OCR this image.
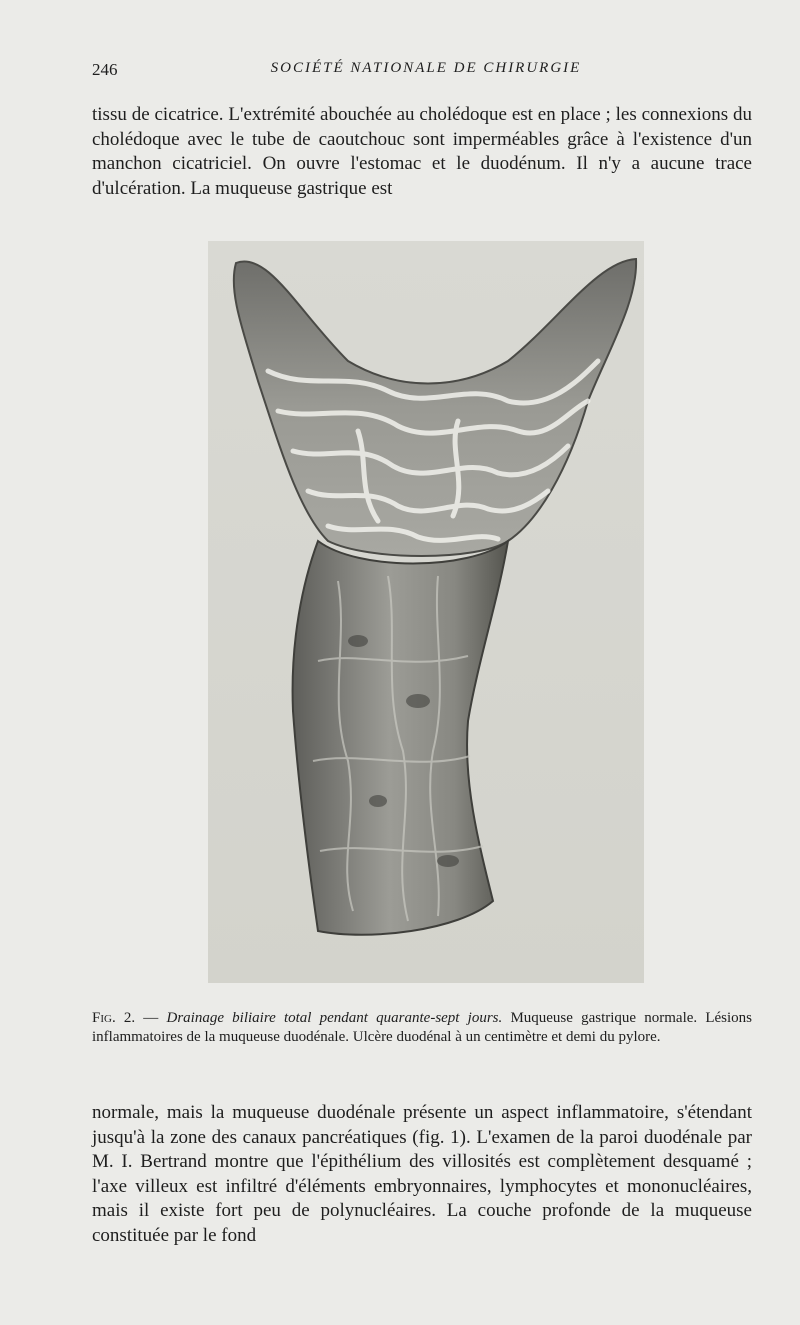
246	SOCIÉTÉ NATIONALE DE CHIRURGIE

tissu de cicatrice. L'extrémité abouchée au cholédoque est en place ; les connexions du cholédoque avec le tube de caoutchouc sont imperméables grâce à l'existence d'un manchon cicatriciel. On ouvre l'estomac et le duodénum. Il n'y a aucune trace d'ulcération. La muqueuse gastrique est

Fig. 2. — Drainage biliaire total pendant quarante-sept jours. Muqueuse gastrique normale. Lésions inflammatoires de la muqueuse duodénale. Ulcère duodénal à un centimètre et demi du pylore.

normale, mais la muqueuse duodénale présente un aspect inflammatoire, s'étendant jusqu'à la zone des canaux pancréatiques (fig. 1). L'examen de la paroi duodénale par M. I. Bertrand montre que l'épithélium des villosités est complètement desquamé ; l'axe villeux est infiltré d'éléments embryonnaires, lymphocytes et mononucléaires, mais il existe fort peu de polynucléaires. La couche profonde de la muqueuse constituée par le fond
